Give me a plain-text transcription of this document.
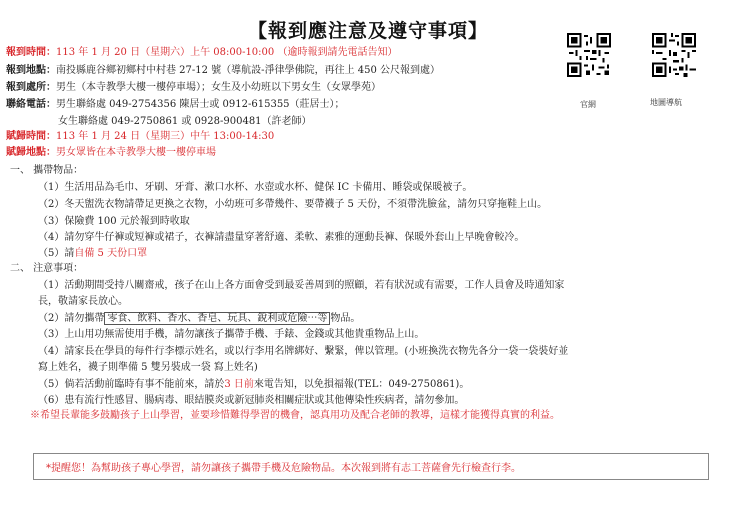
【報到應注意及遵守事項】
官網	地圖導航
報到時間：113 年 1 月 20 日（星期六）上午 08:00-10:00 （逾時報到請先電話告知）
報到地點：南投縣鹿谷鄉初鄉村中村巷 27-12 號（導航設-淨律學佛院，再往上 450 公尺報到處）
報到處所：男生（本寺教學大樓一樓停車場）；女生及小幼班以下男女生（女眾學苑）
聯絡電話：男生聯絡處 049-2754356 陳居士或 0912-615355（莊居士）；
女生聯絡處 049-2750861 或 0928-900481（許老師）
賦歸時間：113 年 1 月 24 日（星期三）中午 13:00-14:30
賦歸地點：男女眾皆在本寺教學大樓一樓停車場
一、 攜帶物品：
（1）生活用品為毛巾、牙刷、牙膏、漱口水杯、水壺或水杯、健保 IC 卡備用、睡袋或保暖被子。
（2）冬天盥洗衣物請帶足更換之衣物，小幼班可多帶幾件、要帶襪子 5 天份，不須帶洗臉盆，請勿只穿拖鞋上山。
（3）保險費 100 元於報到時收取
（4）請勿穿牛仔褲或短褲或裙子，衣褲請盡量穿著舒適、柔軟、素雅的運動長褲、保暖外套山上早晚會較冷。
（5）請自備 5 天份口罩
二、 注意事項：
（1）活動期間受持八關齋戒，孩子在山上各方面會受到最妥善周到的照顧，若有狀況或有需要，工作人員會及時通知家
長，敬請家長放心。
（2）請勿攜帶 零食、飲料、香水、香皂、玩具、銳利或危險⋯等 物品。
（3）上山用功無需使用手機，請勿讓孩子攜帶手機、手錶、金錢或其他貴重物品上山。
（4）請家長在學員的每件行李標示姓名，或以行李用名牌綁好、繫緊，俾以管理。(小班換洗衣物先各分一袋一袋裝好並
寫上姓名，襪子則準備 5 雙另裝成一袋 寫上姓名)
（5）倘若活動前臨時有事不能前來，請於3 日前來電告知，以免損福報(TEL：049-2750861)。
（6）患有流行性感冒、腸病毒、眼結膜炎或新冠肺炎相關症狀或其他傳染性疾病者，請勿參加。
※希望長輩能多鼓勵孩子上山學習，並要珍惜難得學習的機會，認真用功及配合老師的教導，這樣才能獲得真實的利益。
*提醒您！為幫助孩子專心學習，請勿讓孩子攜帶手機及危險物品。本次報到將有志工菩薩會先行檢查行李。
